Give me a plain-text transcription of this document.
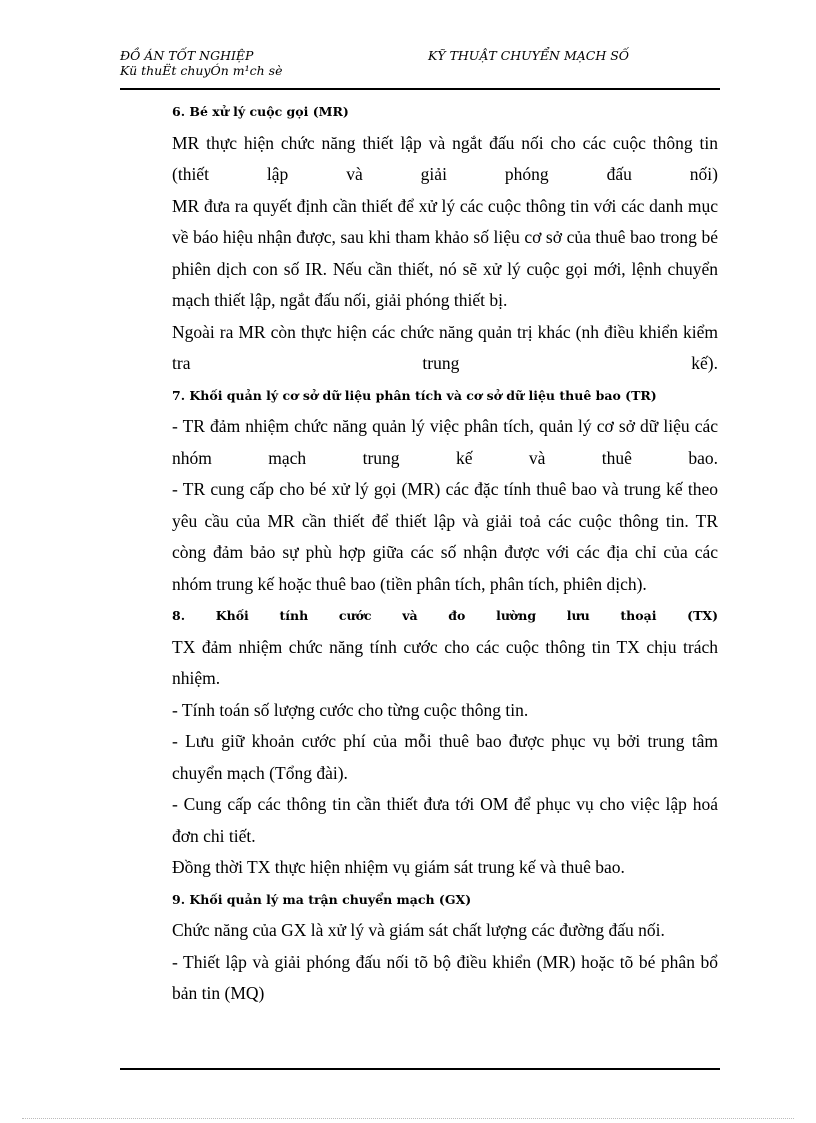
ĐỒ ÁN TỐT NGHIỆP
Kü thuËt chuyÓn m¹ch sè
KỸ THUẬT CHUYỂN MẠCH SỐ

6. Bé xử lý cuộc gọi (MR)

MR thực hiện chức năng thiết lập và ngắt đấu nối cho các cuộc thông tin (thiết lập và giải phóng đấu nối)

MR đưa ra quyết định cần thiết để xử lý các cuộc thông tin với các danh mục về báo hiệu nhận được, sau khi tham khảo số liệu cơ sở của thuê bao trong bé phiên dịch con số IR. Nếu cần thiết, nó sẽ xử lý cuộc gọi mới, lệnh chuyển mạch thiết lập, ngắt đấu nối, giải phóng thiết bị.

Ngoài ra MR còn thực hiện các chức năng quản trị khác (nh điều khiển kiểm tra trung kế).

7. Khối quản lý cơ sở dữ liệu phân tích và cơ sở dữ liệu thuê bao (TR)

- TR đảm nhiệm chức năng quản lý việc phân tích, quản lý cơ sở dữ liệu các nhóm mạch trung kế và thuê bao.

- TR cung cấp cho bé xử lý gọi (MR) các đặc tính thuê bao và trung kế theo yêu cầu của MR cần thiết để thiết lập và giải toả các cuộc thông tin. TR

còng đảm bảo sự phù hợp giữa các số nhận được với các địa chỉ của các nhóm trung kế hoặc thuê bao (tiền phân tích, phân tích, phiên dịch).

8. Khối tính cước và đo lường lưu thoại (TX)

TX đảm nhiệm chức năng tính cước cho các cuộc thông tin TX chịu trách nhiệm.

- Tính toán số lượng cước cho từng cuộc thông tin.

- Lưu giữ khoản cước phí của mỗi thuê bao được phục vụ bởi trung tâm chuyển mạch (Tổng đài).

- Cung cấp các thông tin cần thiết đưa tới OM để phục vụ cho việc lập hoá đơn chi tiết.

Đồng thời TX thực hiện nhiệm vụ giám sát trung kế và thuê bao.

9. Khối quản lý ma trận chuyển mạch (GX)

Chức năng của GX là xử lý và giám sát chất lượng các đường đấu nối.

- Thiết lập và giải phóng đấu nối tõ bộ điều khiển (MR) hoặc tõ bé phân bổ bản tin (MQ)
